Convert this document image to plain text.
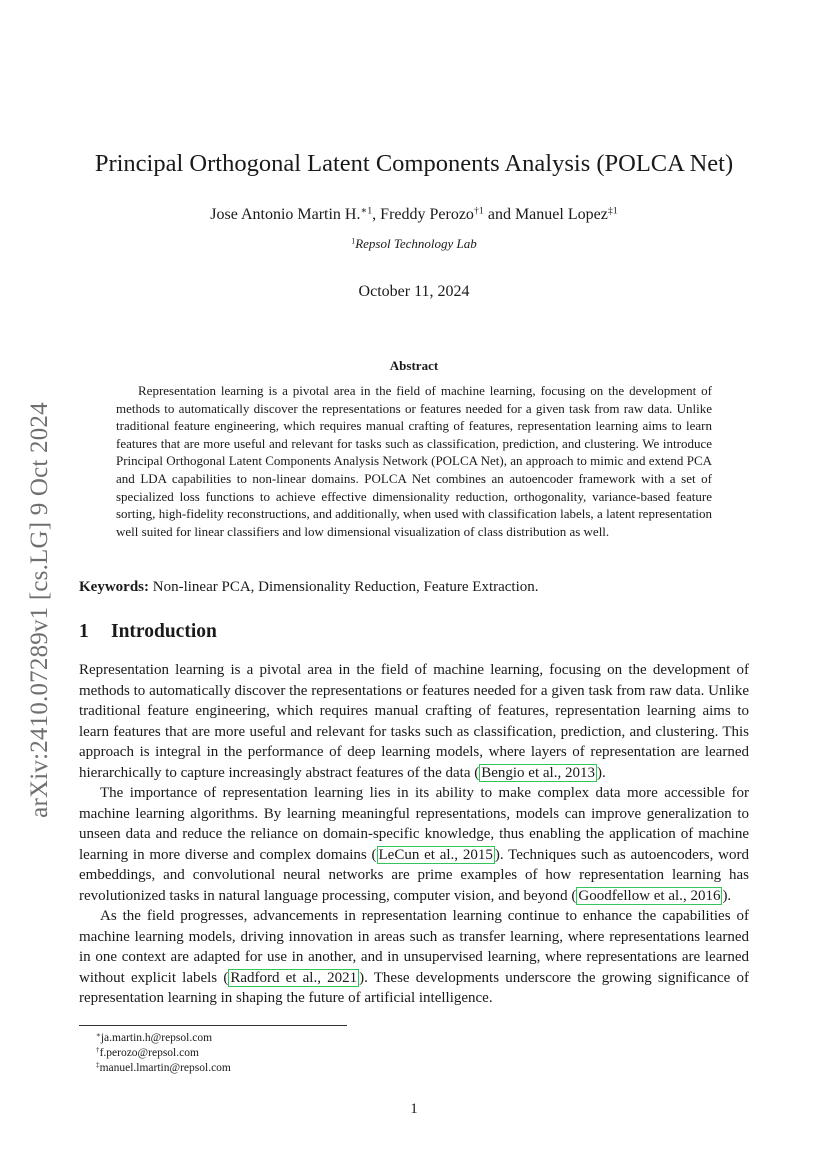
arXiv:2410.07289v1 [cs.LG] 9 Oct 2024
Principal Orthogonal Latent Components Analysis (POLCA Net)
Jose Antonio Martin H.$^{∗1}$, Freddy Perozo$^{\dagger 1}$ and Manuel Lopez$^{\ddagger 1}$
$^1$Repsol Technology Lab
October 11, 2024
Abstract

Representation learning is a pivotal area in the field of machine learning, focusing on the development of methods to automatically discover the representations or features needed for a given task from raw data. Unlike traditional feature engineering, which requires manual crafting of features, representation learning aims to learn features that are more useful and relevant for tasks such as classification, prediction, and clustering. We introduce Principal Orthogonal Latent Components Analysis Network (POLCA Net), an approach to mimic and extend PCA and LDA capabilities to non-linear domains. POLCA Net combines an autoencoder framework with a set of specialized loss functions to achieve effective dimensionality reduction, orthogonality, variance-based feature sorting, high-fidelity reconstructions, and additionally, when used with classification labels, a latent representation well suited for linear classifiers and low dimensional visualization of class distribution as well.

Keywords: Non-linear PCA, Dimensionality Reduction, Feature Extraction.

1 Introduction

Representation learning is a pivotal area in the field of machine learning, focusing on the development of methods to automatically discover the representations or features needed for a given task from raw data. Unlike traditional feature engineering, which requires manual crafting of features, representation learning aims to learn features that are more useful and relevant for tasks such as classification, prediction, and clustering. This approach is integral in the performance of deep learning models, where layers of representation are learned hierarchically to capture increasingly abstract features of the data ( Bengio et al., 2013 ).

The importance of representation learning lies in its ability to make complex data more accessible for machine learning algorithms. By learning meaningful representations, models can improve generalization to unseen data and reduce the reliance on domain-specific knowledge, thus enabling the application of machine learning in more diverse and complex domains ( LeCun et al., 2015 ). Techniques such as autoencoders, word embeddings, and convolutional neural networks are prime examples of how representation learning has revolutionized tasks in natural language processing, computer vision, and beyond ( Goodfellow et al., 2016 ).

As the field progresses, advancements in representation learning continue to enhance the capabilities of machine learning models, driving innovation in areas such as transfer learning, where representations learned in one context are adapted for use in another, and in unsupervised learning, where representations are learned without explicit labels ( Radford et al., 2021 ). These developments underscore the growing significance of representation learning in shaping the future of artificial intelligence.

∗ja.martin.h@repsol.com
†f.perozo@repsol.com
‡manuel.lmartin@repsol.com
1
